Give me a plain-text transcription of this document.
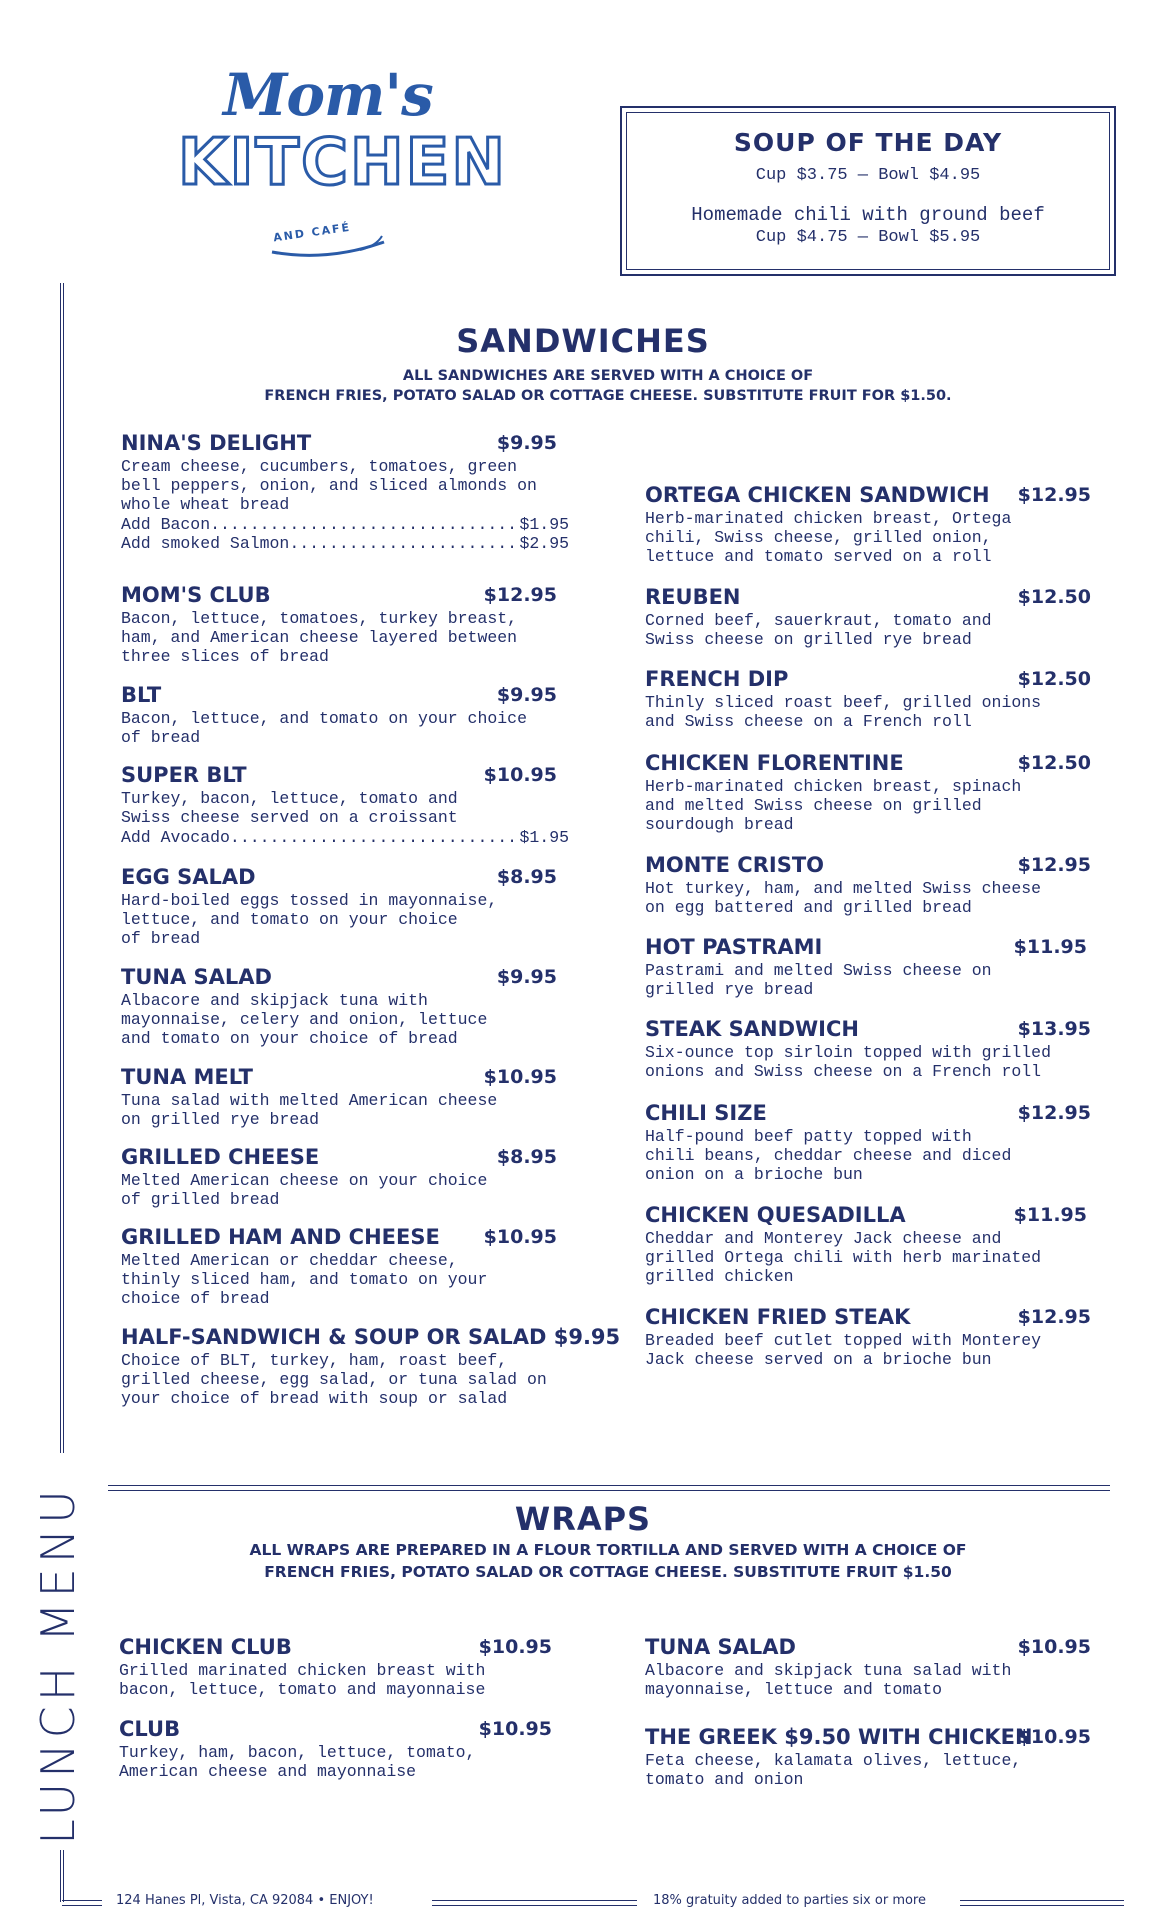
Mom's
KITCHEN
AND CAFÉ
SOUP OF THE DAY
Cup $3.75 — Bowl $4.95
Homemade chili with ground beef
Cup $4.75 — Bowl $5.95
LUNCH MENU
SANDWICHES
ALL SANDWICHES ARE SERVED WITH A CHOICE OF
FRENCH FRIES, POTATO SALAD OR COTTAGE CHEESE. SUBSTITUTE FRUIT FOR $1.50.
NINA'S DELIGHT	$9.95
Cream cheese, cucumbers, tomatoes, green
bell peppers, onion, and sliced almonds on
whole wheat bread
Add Bacon .....	$1.95
Add smoked Salmon .....	$2.95
MOM'S CLUB	$12.95
Bacon, lettuce, tomatoes, turkey breast,
ham, and American cheese layered between
three slices of bread
BLT	$9.95
Bacon, lettuce, and tomato on your choice
of bread
SUPER BLT	$10.95
Turkey, bacon, lettuce, tomato and
Swiss cheese served on a croissant
Add Avocado .....	$1.95
EGG SALAD	$8.95
Hard-boiled eggs tossed in mayonnaise,
lettuce, and tomato on your choice
of bread
TUNA SALAD	$9.95
Albacore and skipjack tuna with
mayonnaise, celery and onion, lettuce
and tomato on your choice of bread
TUNA MELT	$10.95
Tuna salad with melted American cheese
on grilled rye bread
GRILLED CHEESE	$8.95
Melted American cheese on your choice
of grilled bread
GRILLED HAM AND CHEESE	$10.95
Melted American or cheddar cheese,
thinly sliced ham, and tomato on your
choice of bread
HALF-SANDWICH & SOUP OR SALAD $9.95
Choice of BLT, turkey, ham, roast beef,
grilled cheese, egg salad, or tuna salad on
your choice of bread with soup or salad
ORTEGA CHICKEN SANDWICH	$12.95
Herb-marinated chicken breast, Ortega
chili, Swiss cheese, grilled onion,
lettuce and tomato served on a roll
REUBEN	$12.50
Corned beef, sauerkraut, tomato and
Swiss cheese on grilled rye bread
FRENCH DIP	$12.50
Thinly sliced roast beef, grilled onions
and Swiss cheese on a French roll
CHICKEN FLORENTINE	$12.50
Herb-marinated chicken breast, spinach
and melted Swiss cheese on grilled
sourdough bread
MONTE CRISTO	$12.95
Hot turkey, ham, and melted Swiss cheese
on egg battered and grilled bread
HOT PASTRAMI	$11.95
Pastrami and melted Swiss cheese on
grilled rye bread
STEAK SANDWICH	$13.95
Six-ounce top sirloin topped with grilled
onions and Swiss cheese on a French roll
CHILI SIZE	$12.95
Half-pound beef patty topped with
chili beans, cheddar cheese and diced
onion on a brioche bun
CHICKEN QUESADILLA	$11.95
Cheddar and Monterey Jack cheese and
grilled Ortega chili with herb marinated
grilled chicken
CHICKEN FRIED STEAK	$12.95
Breaded beef cutlet topped with Monterey
Jack cheese served on a brioche bun
WRAPS
ALL WRAPS ARE PREPARED IN A FLOUR TORTILLA AND SERVED WITH A CHOICE OF
FRENCH FRIES, POTATO SALAD OR COTTAGE CHEESE. SUBSTITUTE FRUIT $1.50
CHICKEN CLUB	$10.95
Grilled marinated chicken breast with
bacon, lettuce, tomato and mayonnaise
CLUB	$10.95
Turkey, ham, bacon, lettuce, tomato,
American cheese and mayonnaise
TUNA SALAD	$10.95
Albacore and skipjack tuna salad with
mayonnaise, lettuce and tomato
THE GREEK $9.50 WITH CHICKEN
$10.95
Feta cheese, kalamata olives, lettuce,
tomato and onion
124 Hanes Pl, Vista, CA 92084 • ENJOY!	18% gratuity added to parties six or more
